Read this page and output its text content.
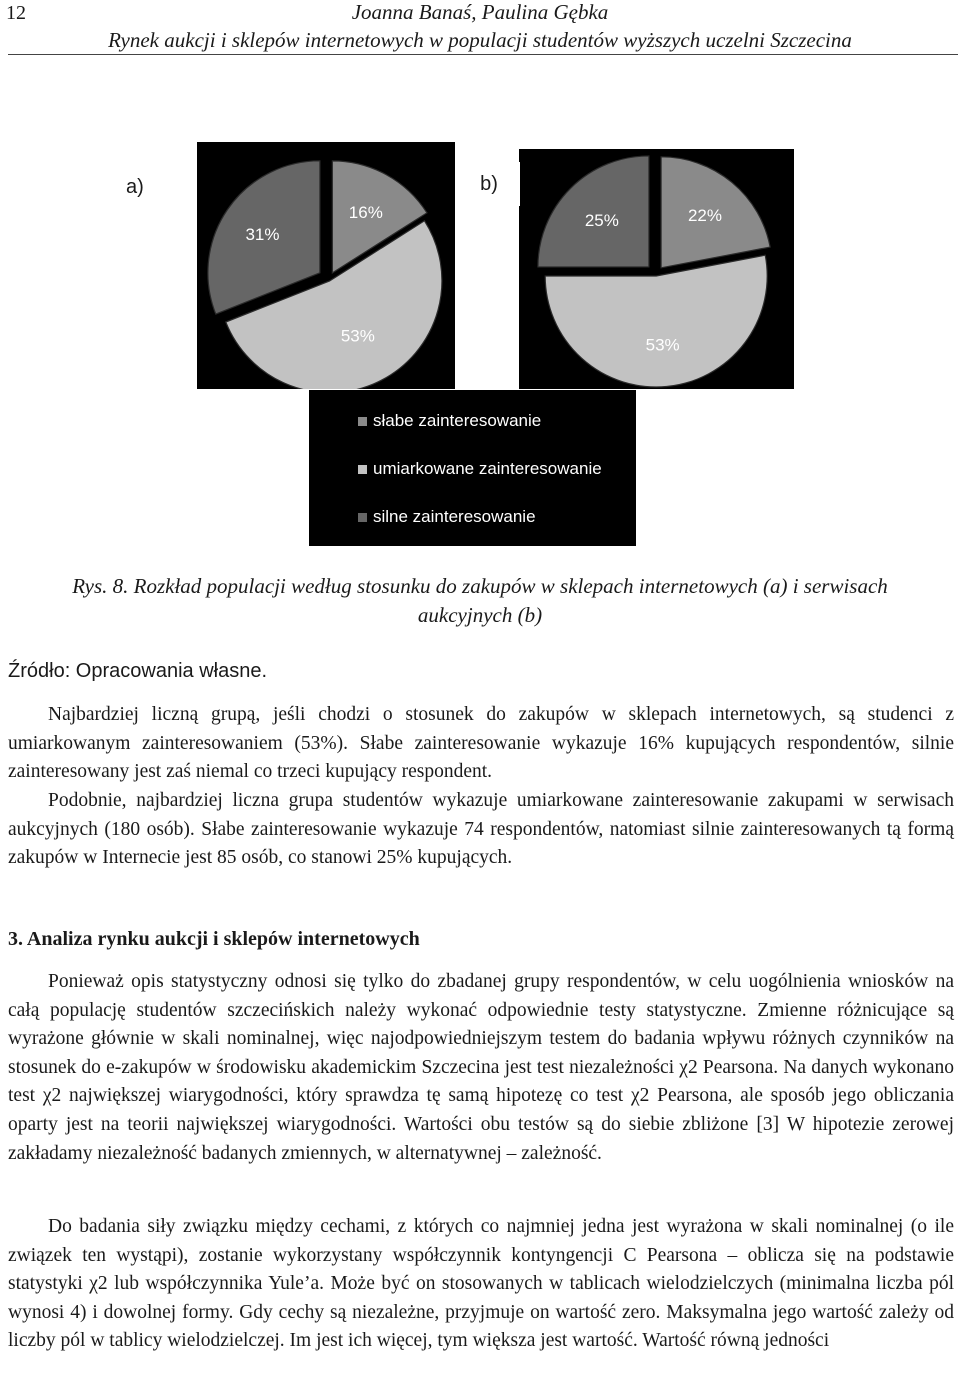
12	Joanna Banaś, Paulina Gębka
Rynek aukcji i sklepów internetowych w populacji studentów wyższych uczelni Szczecina
a)
16%
53%
31%
22%
53%
25%
b)
słabe zainteresowanie
umiarkowane zainteresowanie
silne zainteresowanie
Rys. 8. Rozkład populacji według stosunku do zakupów w sklepach internetowych (a) i serwisach
aukcyjnych (b)
Źródło: Opracowania własne.
Najbardziej liczną grupą, jeśli chodzi o stosunek do zakupów w sklepach internetowych, są studenci z umiarkowanym zainteresowaniem (53%). Słabe zainteresowanie wykazuje 16% kupujących respondentów, silnie zainteresowany jest zaś niemal co trzeci kupujący respondent.
Podobnie, najbardziej liczna grupa studentów wykazuje umiarkowane zainteresowanie zakupami w serwisach aukcyjnych (180 osób). Słabe zainteresowanie wykazuje 74 respondentów, natomiast silnie zainteresowanych tą formą zakupów w Internecie jest 85 osób, co stanowi 25% kupujących.
3. Analiza rynku aukcji i sklepów internetowych
Ponieważ opis statystyczny odnosi się tylko do zbadanej grupy respondentów, w celu uogólnienia wniosków na całą populację studentów szczecińskich należy wykonać odpowiednie testy statystyczne. Zmienne różnicujące są wyrażone głównie w skali nominalnej, więc najodpowiedniejszym testem do badania wpływu różnych czynników na stosunek do e-zakupów w środowisku akademickim Szczecina jest test niezależności χ2 Pearsona. Na danych wykonano test χ2 największej wiarygodności, który sprawdza tę samą hipotezę co test χ2 Pearsona, ale sposób jego obliczania oparty jest na teorii największej wiarygodności. Wartości obu testów są do siebie zbliżone [3] W hipotezie zerowej zakładamy niezależność badanych zmiennych, w alternatywnej – zależność.
Do badania siły związku między cechami, z których co najmniej jedna jest wyrażona w skali nominalnej (o ile związek ten wystąpi), zostanie wykorzystany współczynnik kontyngencji C Pearsona – oblicza się na podstawie statystyki χ2 lub współczynnika Yule’a. Może być on stosowanych w tablicach wielodzielczych (minimalna liczba pól wynosi 4) i dowolnej formy. Gdy cechy są niezależne, przyjmuje on wartość zero. Maksymalna jego wartość zależy od liczby pól w tablicy wielodzielczej. Im jest ich więcej, tym większa jest wartość. Wartość równą jedności
